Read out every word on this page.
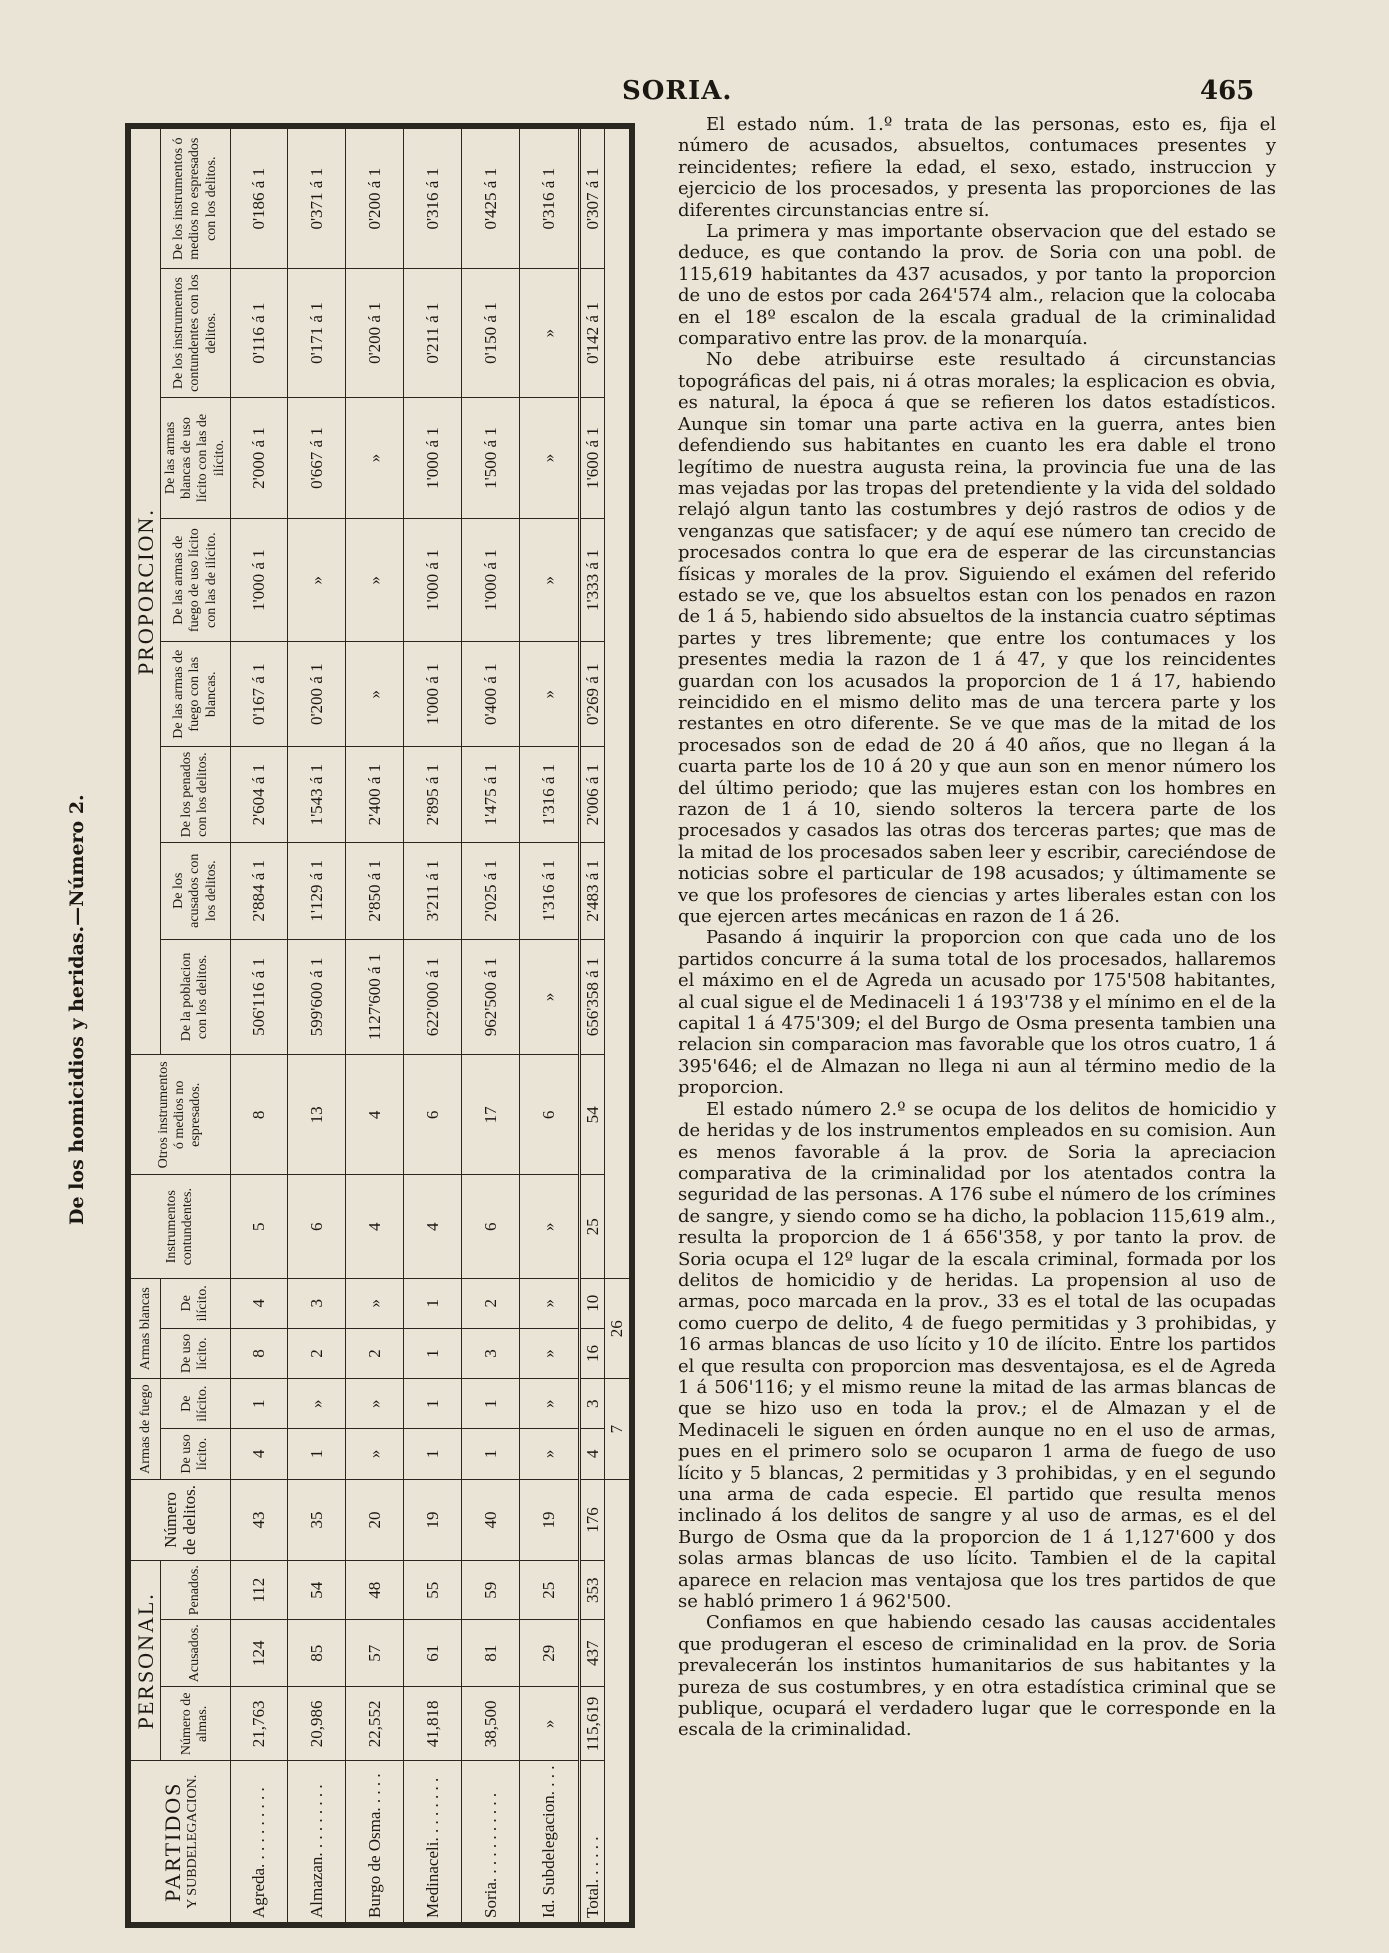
SORIA.	465
De los homicidios y heridas.—Número 2.
PARTIDOS Y SUBDELEGACION.	PERSONAL.			Número de delitos.	Armas de fuego		Armas blancas		Instrumentos contundentes.	Otros instrumentos ó medios no espresados.	PROPORCION.							
	Número de almas.	Acusados.	Penados.		De uso lícito.	De ilícito.	De uso lícito.	De ilícito.			De la poblacion con los delitos.	De los acusados con los delitos.	De los penados con los delitos.	De las armas de fuego con las blancas.	De las armas de fuego de uso lícito con las de ilícito.	De las armas blancas de uso lícito con las de ilícito.	De los instrumentos contundentes con los delitos.	De los instrumentos ó medios no espresados con los delitos.
Agreda. . . . . . . . . .	21,763	124	112	43	4	1	8	4	5	8	506'116 á 1	2'884 á 1	2'604 á 1	0'167 á 1	1'000 á 1	2'000 á 1	0'116 á 1	0'186 á 1
Almazan. . . . . . . . .	20,986	85	54	35	1	»	2	3	6	13	599'600 á 1	1'129 á 1	1'543 á 1	0'200 á 1	»	0'667 á 1	0'171 á 1	0'371 á 1
Burgo de Osma. . . . .	22,552	57	48	20	»	»	2	»	4	4	1127'600 á 1	2'850 á 1	2'400 á 1	»	»	»	0'200 á 1	0'200 á 1
Medinaceli. . . . . . . .	41,818	61	55	19	1	1	1	1	4	6	622'000 á 1	3'211 á 1	2'895 á 1	1'000 á 1	1'000 á 1	1'000 á 1	0'211 á 1	0'316 á 1
Soria. . . . . . . . . . .	38,500	81	59	40	1	1	3	2	6	17	962'500 á 1	2'025 á 1	1'475 á 1	0'400 á 1	1'000 á 1	1'500 á 1	0'150 á 1	0'425 á 1
Id. Subdelegacion. . . .	»	29	25	19	»	»	»	»	»	6	»	1'316 á 1	1'316 á 1	»	»	»	»	0'316 á 1
Total. . . . . .	115,619	437	353	176	4	3	16	10	25	54	656'358 á 1	2'483 á 1	2'006 á 1	0'269 á 1	1'333 á 1	1'600 á 1	0'142 á 1	0'307 á 1
					7		26											

El estado núm. 1.º trata de las personas, esto es, fija el número de acusados, absueltos, contumaces presentes y reincidentes; refiere la edad, el sexo, estado, instruccion y ejercicio de los procesados, y presenta las proporciones de las diferentes circunstancias entre sí.

La primera y mas importante observacion que del estado se deduce, es que contando la prov. de Soria con una pobl. de 115,619 habitantes da 437 acusados, y por tanto la proporcion de uno de estos por cada 264'574 alm., relacion que la colocaba en el 18º escalon de la escala gradual de la criminalidad comparativo entre las prov. de la monarquía.

No debe atribuirse este resultado á circunstancias topográficas del pais, ni á otras morales; la esplicacion es obvia, es natural, la época á que se refieren los datos estadísticos. Aunque sin tomar una parte activa en la guerra, antes bien defendiendo sus habitantes en cuanto les era dable el trono legítimo de nuestra augusta reina, la provincia fue una de las mas vejadas por las tropas del pretendiente y la vida del soldado relajó algun tanto las costumbres y dejó rastros de odios y de venganzas que satisfacer; y de aquí ese número tan crecido de procesados contra lo que era de esperar de las circunstancias físicas y morales de la prov. Siguiendo el exámen del referido estado se ve, que los absueltos estan con los penados en razon de 1 á 5, habiendo sido absueltos de la instancia cuatro séptimas partes y tres libremente; que entre los contumaces y los presentes media la razon de 1 á 47, y que los reincidentes guardan con los acusados la proporcion de 1 á 17, habiendo reincidido en el mismo delito mas de una tercera parte y los restantes en otro diferente. Se ve que mas de la mitad de los procesados son de edad de 20 á 40 años, que no llegan á la cuarta parte los de 10 á 20 y que aun son en menor número los del último periodo; que las mujeres estan con los hombres en razon de 1 á 10, siendo solteros la tercera parte de los procesados y casados las otras dos terceras partes; que mas de la mitad de los procesados saben leer y escribir, careciéndose de noticias sobre el particular de 198 acusados; y últimamente se ve que los profesores de ciencias y artes liberales estan con los que ejercen artes mecánicas en razon de 1 á 26.

Pasando á inquirir la proporcion con que cada uno de los partidos concurre á la suma total de los procesados, hallaremos el máximo en el de Agreda un acusado por 175'508 habitantes, al cual sigue el de Medinaceli 1 á 193'738 y el mínimo en el de la capital 1 á 475'309; el del Burgo de Osma presenta tambien una relacion sin comparacion mas favorable que los otros cuatro, 1 á 395'646; el de Almazan no llega ni aun al término medio de la proporcion.

El estado número 2.º se ocupa de los delitos de homicidio y de heridas y de los instrumentos empleados en su comision. Aun es menos favorable á la prov. de Soria la apreciacion comparativa de la criminalidad por los atentados contra la seguridad de las personas. A 176 sube el número de los crímines de sangre, y siendo como se ha dicho, la poblacion 115,619 alm., resulta la proporcion de 1 á 656'358, y por tanto la prov. de Soria ocupa el 12º lugar de la escala criminal, formada por los delitos de homicidio y de heridas. La propension al uso de armas, poco marcada en la prov., 33 es el total de las ocupadas como cuerpo de delito, 4 de fuego permitidas y 3 prohibidas, y 16 armas blancas de uso lícito y 10 de ilícito. Entre los partidos el que resulta con proporcion mas desventajosa, es el de Agreda 1 á 506'116; y el mismo reune la mitad de las armas blancas de que se hizo uso en toda la prov.; el de Almazan y el de Medinaceli le siguen en órden aunque no en el uso de armas, pues en el primero solo se ocuparon 1 arma de fuego de uso lícito y 5 blancas, 2 permitidas y 3 prohibidas, y en el segundo una arma de cada especie. El partido que resulta menos inclinado á los delitos de sangre y al uso de armas, es el del Burgo de Osma que da la proporcion de 1 á 1,127'600 y dos solas armas blancas de uso lícito. Tambien el de la capital aparece en relacion mas ventajosa que los tres partidos de que se habló primero 1 á 962'500.

Confiamos en que habiendo cesado las causas accidentales que produgeran el esceso de criminalidad en la prov. de Soria prevalecerán los instintos humanitarios de sus habitantes y la pureza de sus costumbres, y en otra estadística criminal que se publique, ocupará el verdadero lugar que le corresponde en la escala de la criminalidad.
